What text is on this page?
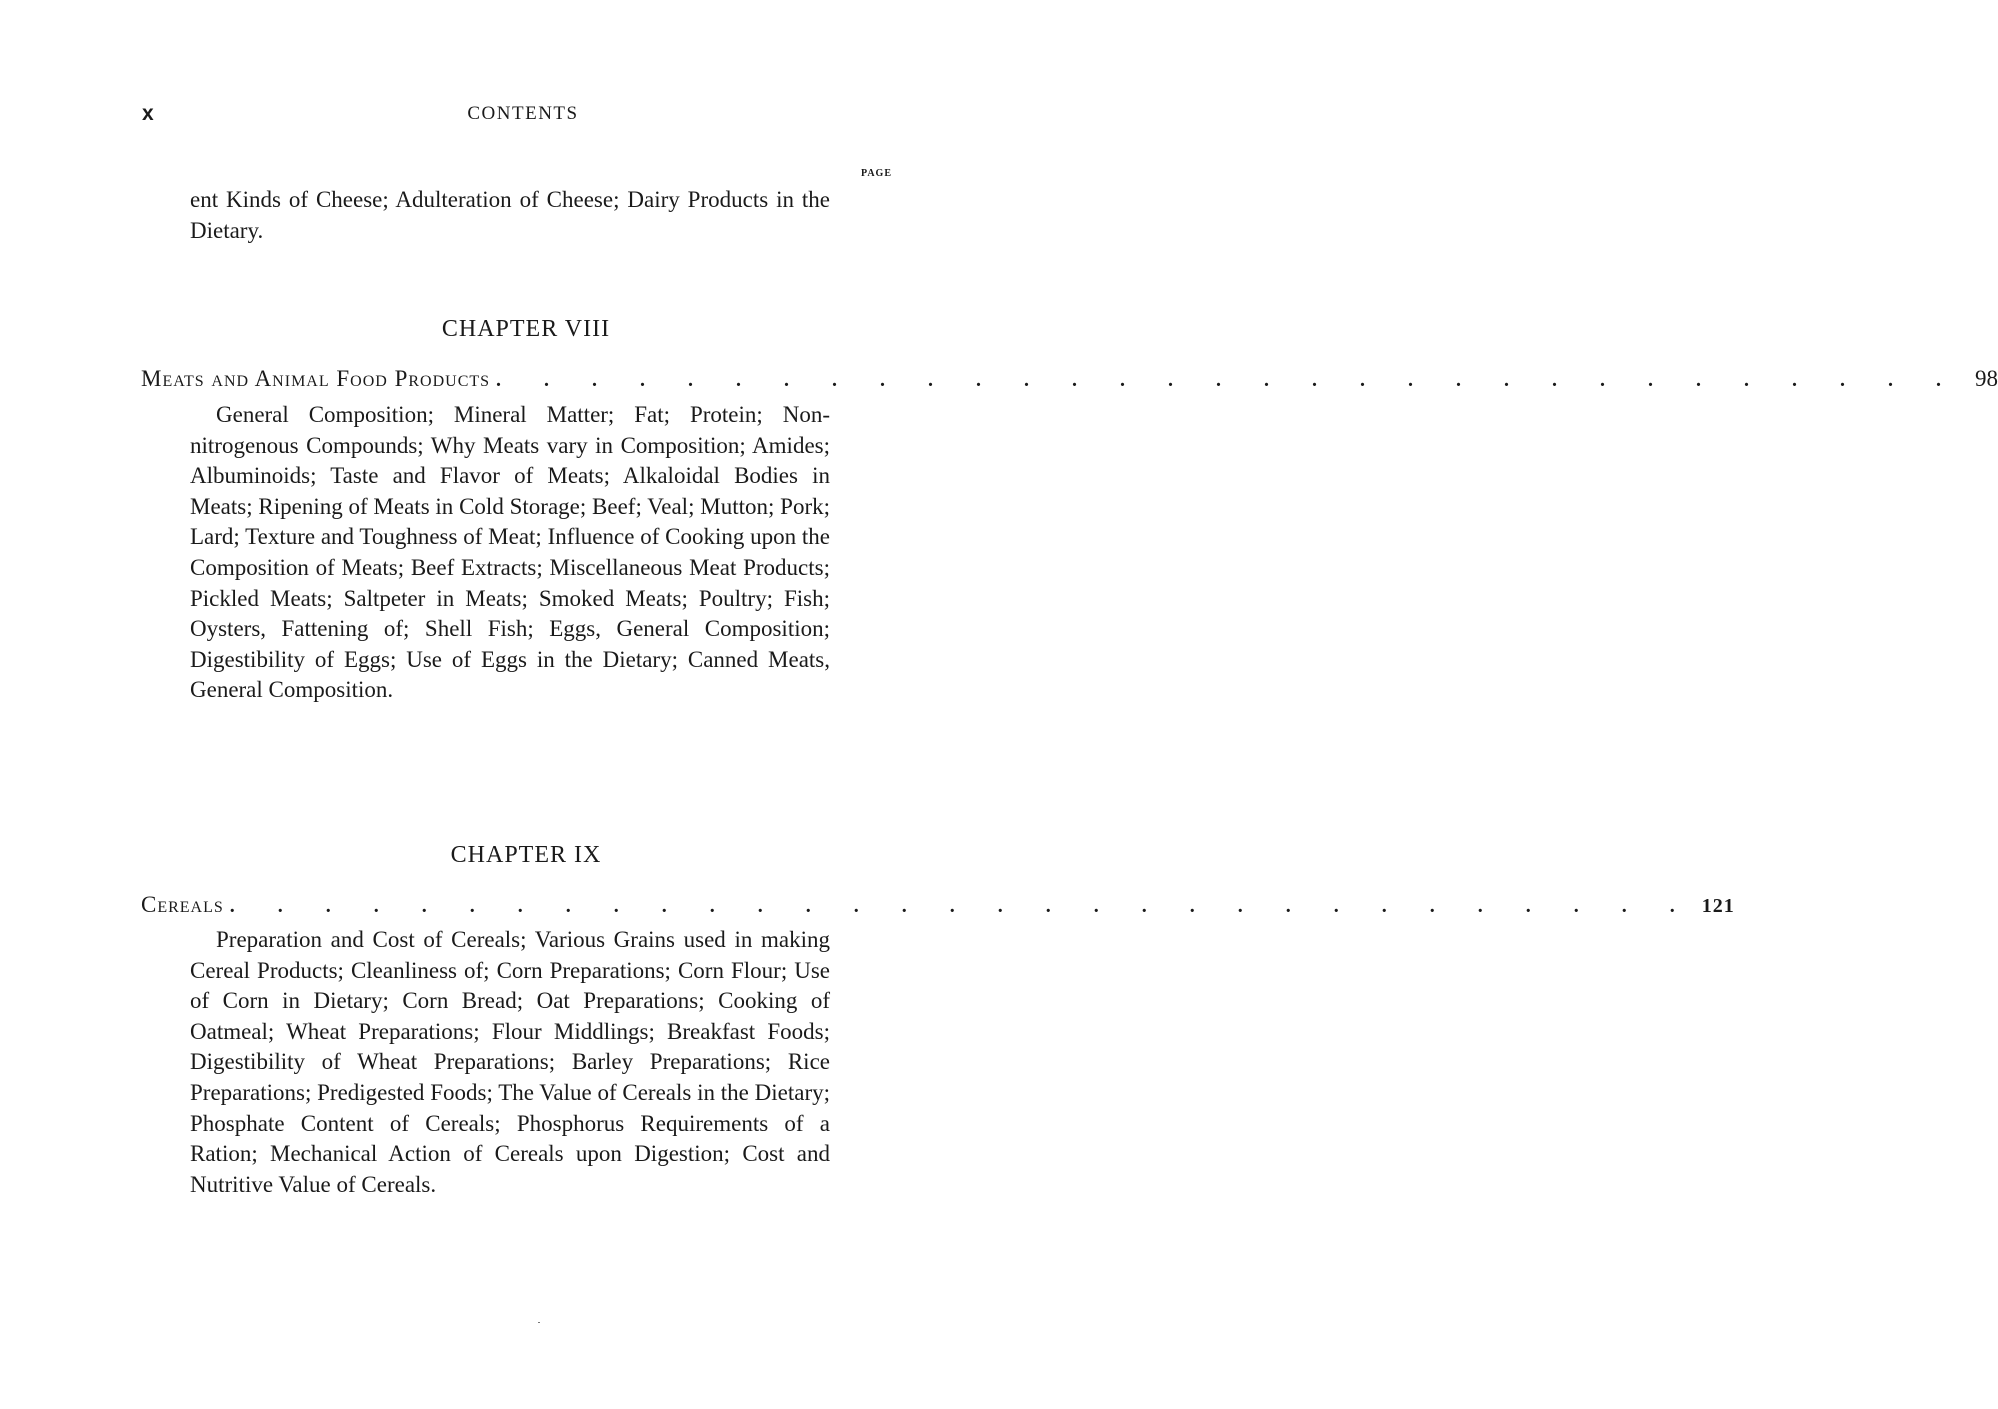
x	CONTENTS
PAGE

ent Kinds of Cheese; Adulteration of Cheese; Dairy Products in the Dietary.

CHAPTER VIII
Meats and Animal Food Products . . . . . . . . . . . . . . . . . . . . . . . . . . . . . . . 98

General Composition; Mineral Matter; Fat; Protein; Non-nitrogenous Compounds; Why Meats vary in Composition; Amides; Albuminoids; Taste and Flavor of Meats; Alkaloidal Bodies in Meats; Ripening of Meats in Cold Storage; Beef; Veal; Mutton; Pork; Lard; Texture and Toughness of Meat; Influence of Cooking upon the Composition of Meats; Beef Extracts; Miscellaneous Meat Products; Pickled Meats; Saltpeter in Meats; Smoked Meats; Poultry; Fish; Oysters, Fattening of; Shell Fish; Eggs, General Composition; Digestibility of Eggs; Use of Eggs in the Dietary; Canned Meats, General Composition.

CHAPTER IX
Cereals . . . . . . . . . . . . . . . . . . . . . . . . . . . . . . . 121

Preparation and Cost of Cereals; Various Grains used in making Cereal Products; Cleanliness of; Corn Preparations; Corn Flour; Use of Corn in Dietary; Corn Bread; Oat Preparations; Cooking of Oatmeal; Wheat Preparations; Flour Middlings; Breakfast Foods; Digestibility of Wheat Preparations; Barley Preparations; Rice Preparations; Predigested Foods; The Value of Cereals in the Dietary; Phosphate Content of Cereals; Phosphorus Requirements of a Ration; Mechanical Action of Cereals upon Digestion; Cost and Nutritive Value of Cereals.
